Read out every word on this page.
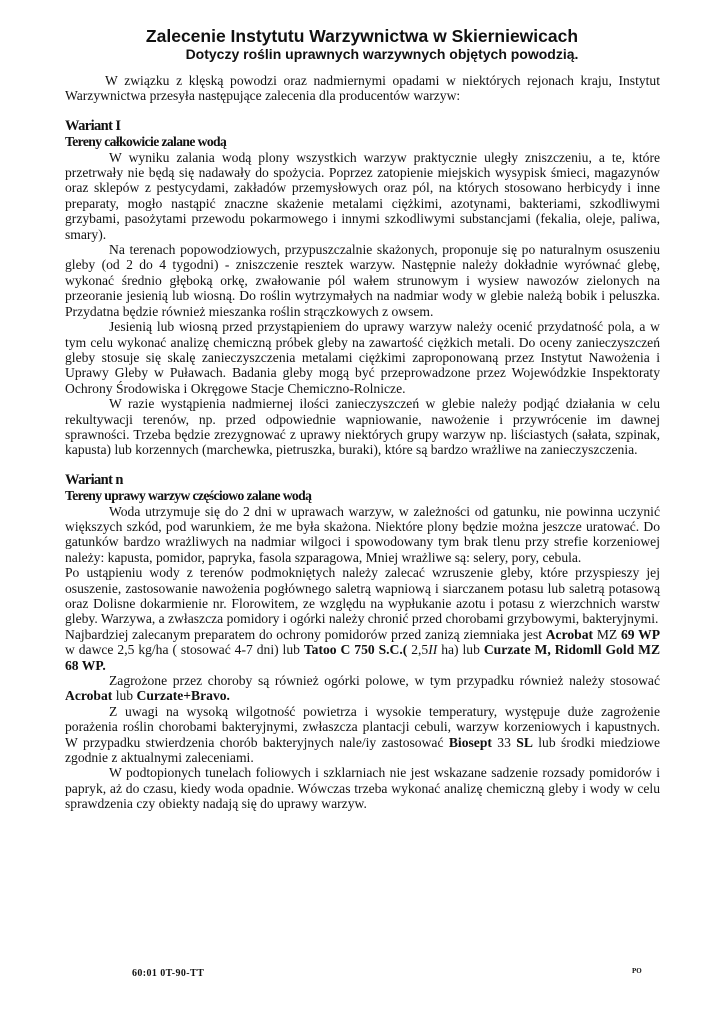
Zalecenie Instytutu Warzywnictwa w Skierniewicach
Dotyczy roślin uprawnych warzywnych objętych powodzią.

W związku z klęską powodzi oraz nadmiernymi opadami w niektórych rejonach kraju, Instytut Warzywnictwa przesyła następujące zalecenia dla producentów warzyw:

Wariant I

Tereny całkowicie zalane wodą

W wyniku zalania wodą plony wszystkich warzyw praktycznie uległy zniszczeniu, a te, które przetrwały nie będą się nadawały do spożycia. Poprzez zatopienie miejskich wysypisk śmieci, magazynów oraz sklepów z pestycydami, zakładów przemysłowych oraz pól, na których stosowano herbicydy i inne preparaty, mogło nastąpić znaczne skażenie metalami ciężkimi, azotynami, bakteriami, szkodliwymi grzybami, pasożytami przewodu pokarmowego i innymi szkodliwymi substancjami (fekalia, oleje, paliwa, smary).

Na terenach popowodziowych, przypuszczalnie skażonych, proponuje się po naturalnym osuszeniu gleby (od 2 do 4 tygodni) - zniszczenie resztek warzyw. Następnie należy dokładnie wyrównać glebę, wykonać średnio głęboką orkę, zwałowanie pól wałem strunowym i wysiew nawozów zielonych na przeoranie jesienią lub wiosną. Do roślin wytrzymałych na nadmiar wody w glebie należą bobik i peluszka. Przydatna będzie również mieszanka roślin strączkowych z owsem.

Jesienią lub wiosną przed przystąpieniem do uprawy warzyw należy ocenić przydatność pola, a w tym celu wykonać analizę chemiczną próbek gleby na zawartość ciężkich metali. Do oceny zanieczyszczeń gleby stosuje się skalę zanieczyszczenia metalami ciężkimi zaproponowaną przez Instytut Nawożenia i Uprawy Gleby w Puławach. Badania gleby mogą być przeprowadzone przez Wojewódzkie Inspektoraty Ochrony Środowiska i Okręgowe Stacje Chemiczno-Rolnicze.

W razie wystąpienia nadmiernej ilości zanieczyszczeń w glebie należy podjąć działania w celu rekultywacji terenów, np. przed odpowiednie wapniowanie, nawożenie i przywrócenie im dawnej sprawności. Trzeba będzie zrezygnować z uprawy niektórych grupy warzyw np. liściastych (sałata, szpinak, kapusta) lub korzennych (marchewka, pietruszka, buraki), które są bardzo wrażliwe na zanieczyszczenia.

Wariant n

Tereny uprawy warzyw częściowo zalane wodą

Woda utrzymuje się do 2 dni w uprawach warzyw, w zależności od gatunku, nie powinna uczynić większych szkód, pod warunkiem, że me była skażona. Niektóre plony będzie można jeszcze uratować. Do gatunków bardzo wrażliwych na nadmiar wilgoci i spowodowany tym brak tlenu przy strefie korzeniowej należy: kapusta, pomidor, papryka, fasola szparagowa, Mniej wrażliwe są: selery, pory, cebula.

Po ustąpieniu wody z terenów podmokniętych należy zalecać wzruszenie gleby, które przyspieszy jej osuszenie, zastosowanie nawożenia pogłównego saletrą wapniową i siarczanem potasu lub saletrą potasową oraz Dolisne dokarmienie nr. Florowitem, ze względu na wypłukanie azotu i potasu z wierzchnich warstw gleby. Warzywa, a zwłaszcza pomidory i ogórki należy chronić przed chorobami grzybowymi, bakteryjnymi.

Najbardziej zalecanym preparatem do ochrony pomidorów przed zanizą ziemniaka jest Acrobat MZ 69 WP w dawce 2,5 kg/ha ( stosować 4-7 dni) lub Tatoo C 750 S.C.( 2,5II ha) lub Curzate M, Ridomll Gold MZ 68 WP.

Zagrożone przez choroby są również ogórki polowe, w tym przypadku również należy stosować Acrobat lub Curzate+Bravo.

Z uwagi na wysoką wilgotność powietrza i wysokie temperatury, występuje duże zagrożenie porażenia roślin chorobami bakteryjnymi, zwłaszcza plantacji cebuli, warzyw korzeniowych i kapustnych. W przypadku stwierdzenia chorób bakteryjnych nale/iy zastosować Biosept 33 SL lub środki miedziowe zgodnie z aktualnymi zaleceniami.

W podtopionych tunelach foliowych i szklarniach nie jest wskazane sadzenie rozsady pomidorów i papryk, aż do czasu, kiedy woda opadnie. Wówczas trzeba wykonać analizę chemiczną gleby i wody w celu sprawdzenia czy obiekty nadają się do uprawy warzyw.

60:01 0T-90-TT	PO
